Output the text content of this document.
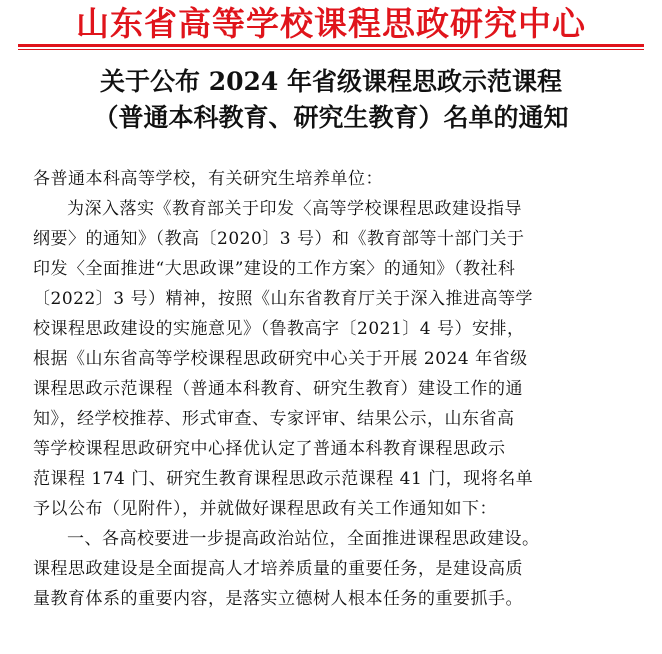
山东省高等学校课程思政研究中心
关于公布 2024 年省级课程思政示范课程
（普通本科教育、研究生教育）名单的通知
各普通本科高等学校，有关研究生培养单位：
为深入落实《教育部关于印发〈高等学校课程思政建设指导
纲要〉的通知》（教高〔2020〕3 号）和《教育部等十部门关于
印发〈全面推进“大思政课”建设的工作方案〉的通知》（教社科
〔2022〕3 号）精神，按照《山东省教育厅关于深入推进高等学
校课程思政建设的实施意见》（鲁教高字〔2021〕4 号）安排，
根据《山东省高等学校课程思政研究中心关于开展 2024 年省级
课程思政示范课程（普通本科教育、研究生教育）建设工作的通
知》，经学校推荐、形式审查、专家评审、结果公示，山东省高
等学校课程思政研究中心择优认定了普通本科教育课程思政示
范课程 174 门、研究生教育课程思政示范课程 41 门，现将名单
予以公布（见附件），并就做好课程思政有关工作通知如下：
一、各高校要进一步提高政治站位，全面推进课程思政建设。
课程思政建设是全面提高人才培养质量的重要任务，是建设高质
量教育体系的重要内容，是落实立德树人根本任务的重要抓手。
